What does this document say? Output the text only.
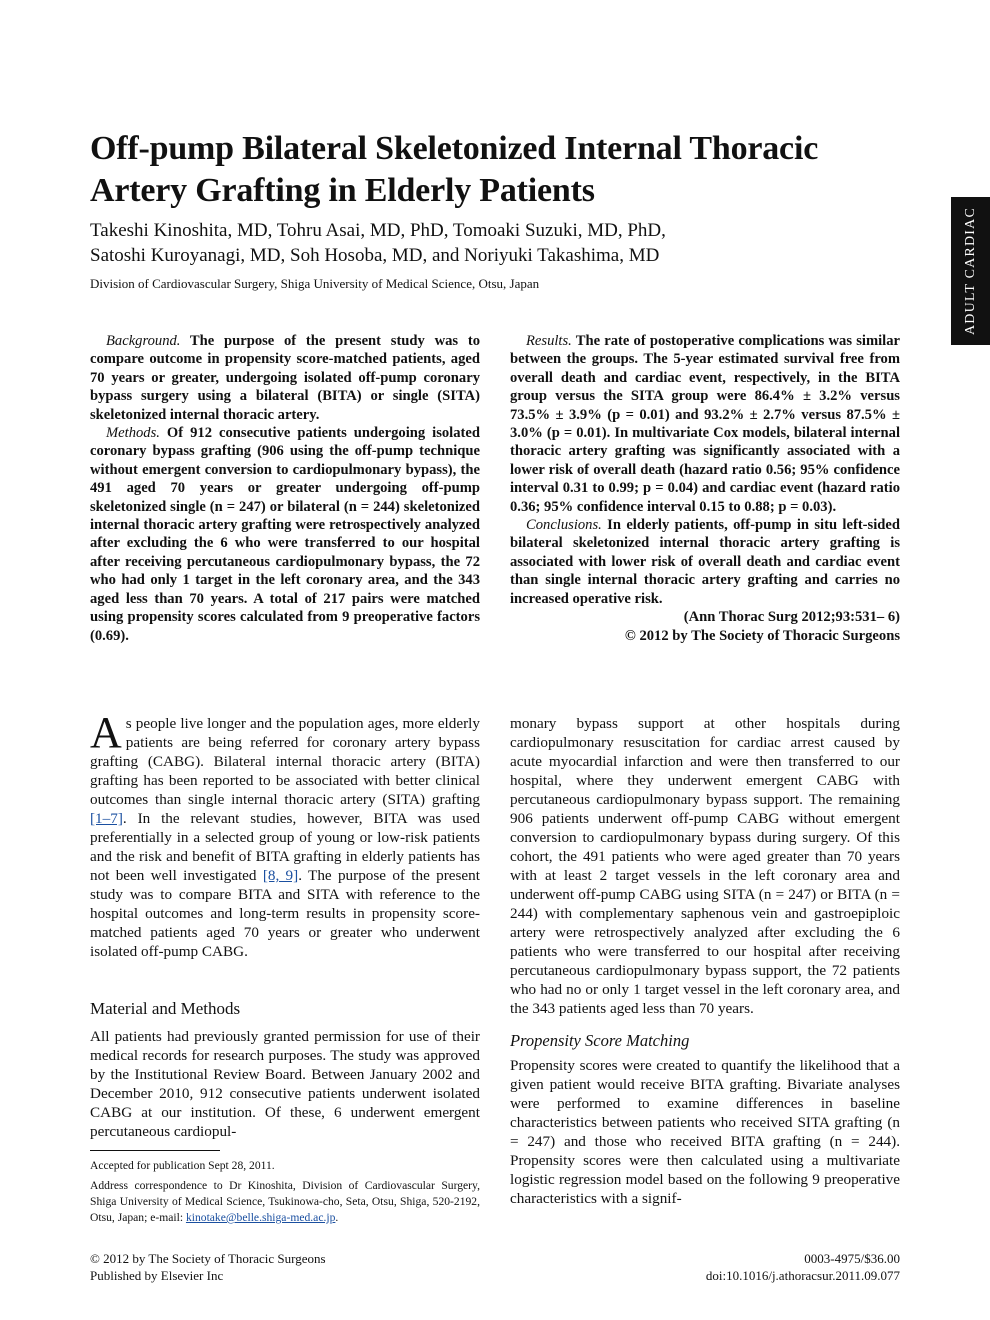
Off-pump Bilateral Skeletonized Internal Thoracic Artery Grafting in Elderly Patients
Takeshi Kinoshita, MD, Tohru Asai, MD, PhD, Tomoaki Suzuki, MD, PhD,
Satoshi Kuroyanagi, MD, Soh Hosoba, MD, and Noriyuki Takashima, MD
Division of Cardiovascular Surgery, Shiga University of Medical Science, Otsu, Japan	ADULT CARDIAC

Background. The purpose of the present study was to compare outcome in propensity score-matched patients, aged 70 years or greater, undergoing isolated off-pump coronary bypass surgery using a bilateral (BITA) or single (SITA) skeletonized internal thoracic artery.

Methods. Of 912 consecutive patients undergoing isolated coronary bypass grafting (906 using the off-pump technique without emergent conversion to cardiopulmonary bypass), the 491 aged 70 years or greater undergoing off-pump skeletonized single (n = 247) or bilateral (n = 244) skeletonized internal thoracic artery grafting were retrospectively analyzed after excluding the 6 who were transferred to our hospital after receiving percutaneous cardiopulmonary bypass, the 72 who had only 1 target in the left coronary area, and the 343 aged less than 70 years. A total of 217 pairs were matched using propensity scores calculated from 9 preoperative factors (0.69).

Results. The rate of postoperative complications was similar between the groups. The 5-year estimated survival free from overall death and cardiac event, respectively, in the BITA group versus the SITA group were 86.4% ± 3.2% versus 73.5% ± 3.9% (p = 0.01) and 93.2% ± 2.7% versus 87.5% ± 3.0% (p = 0.01). In multivariate Cox models, bilateral internal thoracic artery grafting was significantly associated with a lower risk of overall death (hazard ratio 0.56; 95% confidence interval 0.31 to 0.99; p = 0.04) and cardiac event (hazard ratio 0.36; 95% confidence interval 0.15 to 0.88; p = 0.03).

Conclusions. In elderly patients, off-pump in situ left-sided bilateral skeletonized internal thoracic artery grafting is associated with lower risk of overall death and cardiac event than single internal thoracic artery grafting and carries no increased operative risk.

(Ann Thorac Surg 2012;93:531– 6)

© 2012 by The Society of Thoracic Surgeons

As people live longer and the population ages, more elderly patients are being referred for coronary artery bypass grafting (CABG). Bilateral internal thoracic artery (BITA) grafting has been reported to be associated with better clinical outcomes than single internal thoracic artery (SITA) grafting [1–7]. In the relevant studies, however, BITA was used preferentially in a selected group of young or low-risk patients and the risk and benefit of BITA grafting in elderly patients has not been well investigated [8, 9]. The purpose of the present study was to compare BITA and SITA with reference to the hospital outcomes and long-term results in propensity score-matched patients aged 70 years or greater who underwent isolated off-pump CABG.

Material and Methods

All patients had previously granted permission for use of their medical records for research purposes. The study was approved by the Institutional Review Board. Between January 2002 and December 2010, 912 consecutive patients underwent isolated CABG at our institution. Of these, 6 underwent emergent percutaneous cardiopul-

monary bypass support at other hospitals during cardiopulmonary resuscitation for cardiac arrest caused by acute myocardial infarction and were then transferred to our hospital, where they underwent emergent CABG with percutaneous cardiopulmonary bypass support. The remaining 906 patients underwent off-pump CABG without emergent conversion to cardiopulmonary bypass during surgery. Of this cohort, the 491 patients who were aged greater than 70 years with at least 2 target vessels in the left coronary area and underwent off-pump CABG using SITA (n = 247) or BITA (n = 244) with complementary saphenous vein and gastroepiploic artery were retrospectively analyzed after excluding the 6 patients who were transferred to our hospital after receiving percutaneous cardiopulmonary bypass support, the 72 patients who had no or only 1 target vessel in the left coronary area, and the 343 patients aged less than 70 years.

Propensity Score Matching

Propensity scores were created to quantify the likelihood that a given patient would receive BITA grafting. Bivariate analyses were performed to examine differences in baseline characteristics between patients who received SITA grafting (n = 247) and those who received BITA grafting (n = 244). Propensity scores were then calculated using a multivariate logistic regression model based on the following 9 preoperative characteristics with a signif-

Accepted for publication Sept 28, 2011.

Address correspondence to Dr Kinoshita, Division of Cardiovascular Surgery, Shiga University of Medical Science, Tsukinowa-cho, Seta, Otsu, Shiga, 520-2192, Otsu, Japan; e-mail: kinotake@belle.shiga-med.ac.jp.

© 2012 by The Society of Thoracic Surgeons
Published by Elsevier Inc
0003-4975/$36.00
doi:10.1016/j.athoracsur.2011.09.077
